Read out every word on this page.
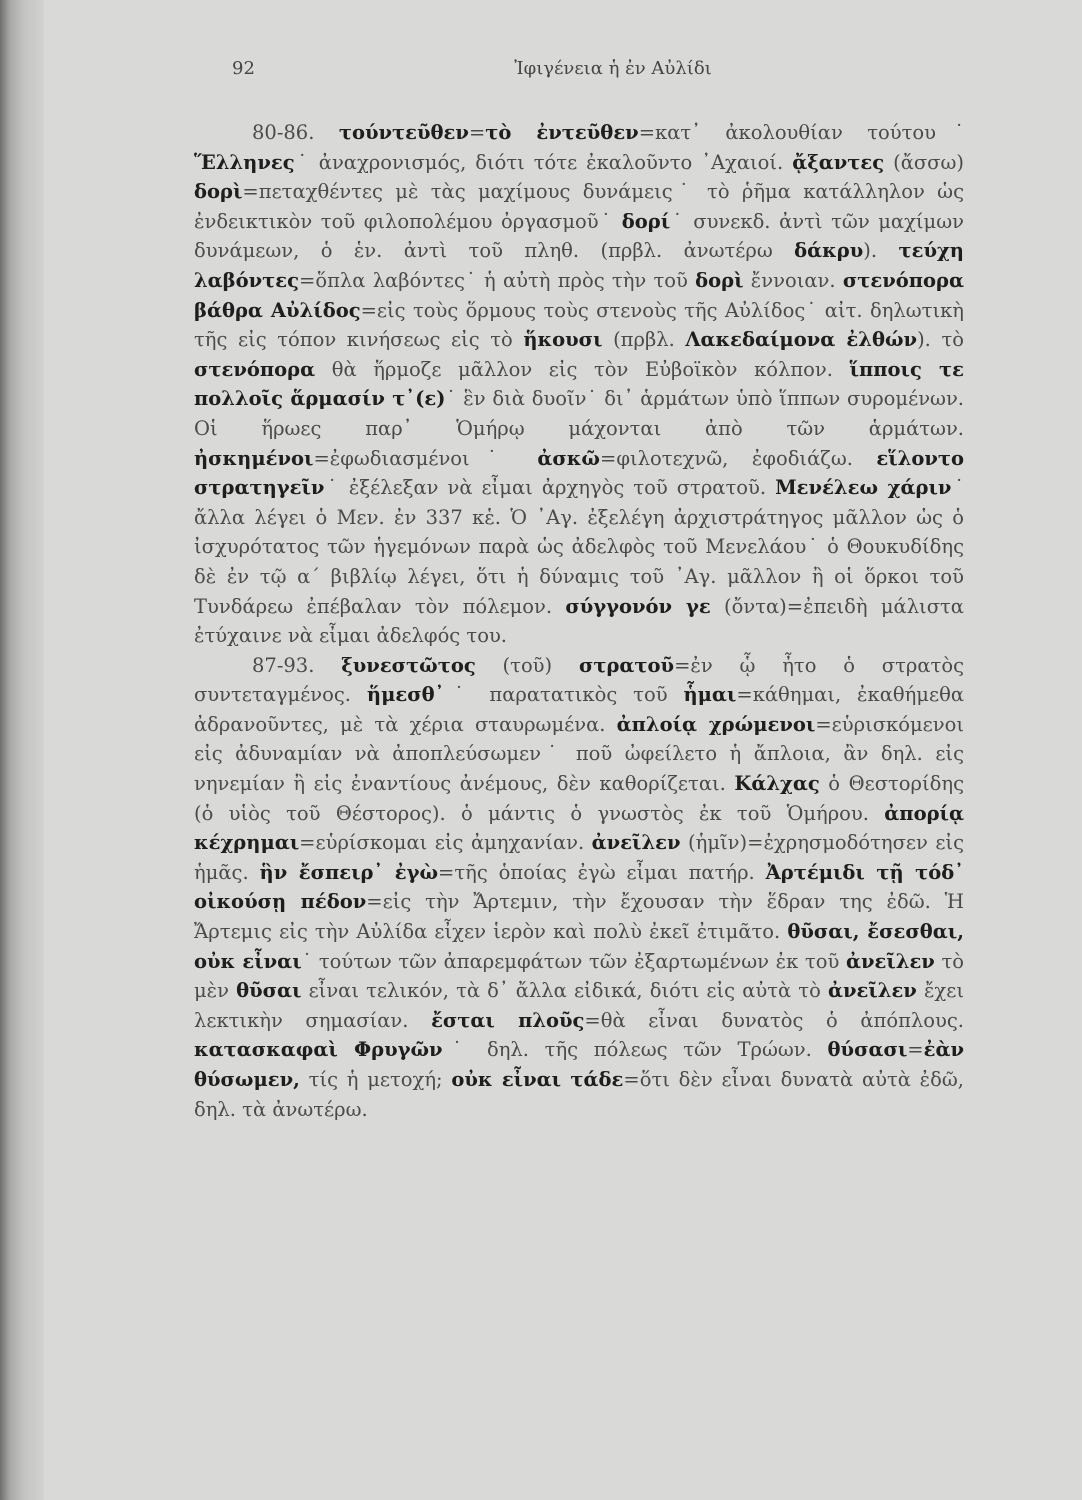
92	Ἰφιγένεια ἡ ἐν Αὐλίδι

80-86. τούντεῦθεν=τὸ ἐντεῦθεν=κατ᾽ ἀκολουθίαν τούτου˙ Ἕλληνες˙ ἀναχρονισμός, διότι τότε ἐκαλοῦντο ᾽Αχαιοί. ᾄξαντες (ἄσσω) δορὶ=πεταχθέντες μὲ τὰς μαχίμους δυνάμεις˙ τὸ ῥῆμα κατάλληλον ὡς ἐνδεικτικὸν τοῦ φιλοπολέμου ὀργασμοῦ˙ δορί˙ συνεκδ. ἀντὶ τῶν μαχίμων δυνάμεων, ὁ ἑν. ἀντὶ τοῦ πληθ. (πρβλ. ἀνωτέρω δάκρυ). τεύχη λαβόντες=ὅπλα λαβόντες˙ ἡ αὐτὴ πρὸς τὴν τοῦ δορὶ ἔννοιαν. στενόπορα βάθρα Αὐλίδος=εἰς τοὺς ὅρμους τοὺς στενοὺς τῆς Αὐλίδος˙ αἰτ. δηλωτικὴ τῆς εἰς τόπον κινήσεως εἰς τὸ ἥκουσι (πρβλ. Λακεδαίμονα ἐλθών). τὸ στενόπορα θὰ ἥρμοζε μᾶλλον εἰς τὸν Εὐβοϊκὸν κόλπον. ἵπποις τε πολλοῖς ἅρμασίν τ᾽(ε)˙ ἓν διὰ δυοῖν˙ δι᾽ ἁρμάτων ὑπὸ ἵππων συρομένων. Οἱ ἥρωες παρ᾽ Ὁμήρῳ μάχονται ἀπὸ τῶν ἁρμάτων. ἠσκημένοι=ἐφωδιασμένοι˙ ἀσκῶ=φιλοτεχνῶ, ἐφοδιάζω. εἵλοντο στρατηγεῖν˙ ἐξέλεξαν νὰ εἶμαι ἀρχηγὸς τοῦ στρατοῦ. Μενέλεω χάριν˙ ἄλλα λέγει ὁ Μεν. ἐν 337 κἑ. Ὁ ᾽Αγ. ἐξελέγη ἀρχιστράτηγος μᾶλλον ὡς ὁ ἰσχυρότατος τῶν ἡγεμόνων παρὰ ὡς ἀδελφὸς τοῦ Μενελάου˙ ὁ Θουκυδίδης δὲ ἐν τῷ α΄ βιβλίῳ λέγει, ὅτι ἡ δύναμις τοῦ ᾽Αγ. μᾶλλον ἢ οἱ ὅρκοι τοῦ Τυνδάρεω ἐπέβαλαν τὸν πόλεμον. σύγγονόν γε (ὄντα)=ἐπειδὴ μάλιστα ἐτύχαινε νὰ εἶμαι ἀδελφός του.

87-93. ξυνεστῶτος (τοῦ) στρατοῦ=ἐν ᾧ ἦτο ὁ στρατὸς συντεταγμένος. ἥμεσθ᾽˙ παρατατικὸς τοῦ ἧμαι=κάθημαι, ἐκαθήμεθα ἀδρανοῦντες, μὲ τὰ χέρια σταυρωμένα. ἀπλοίᾳ χρώμενοι=εὑρισκόμενοι εἰς ἀδυναμίαν νὰ ἀποπλεύσωμεν˙ ποῦ ὠφείλετο ἡ ἄπλοια, ἂν δηλ. εἰς νηνεμίαν ἢ εἰς ἐναντίους ἀνέμους, δὲν καθορίζεται. Κάλχας ὁ Θεστορίδης (ὁ υἱὸς τοῦ Θέστορος). ὁ μάντις ὁ γνωστὸς ἐκ τοῦ Ὁμήρου. ἀπορίᾳ κέχρημαι=εὑρίσκομαι εἰς ἀμηχανίαν. ἀνεῖλεν (ἡμῖν)=ἐχρησμοδότησεν εἰς ἡμᾶς. ἣν ἔσπειρ᾽ ἐγὼ=τῆς ὁποίας ἐγὼ εἶμαι πατήρ. Ἀρτέμιδι τῇ τόδ᾽ οἰκούσῃ πέδον=εἰς τὴν Ἄρτεμιν, τὴν ἔχουσαν τὴν ἕδραν της ἐδῶ. Ἡ Ἄρτεμις εἰς τὴν Αὐλίδα εἶχεν ἱερὸν καὶ πολὺ ἐκεῖ ἐτιμᾶτο. θῦσαι, ἔσεσθαι, οὐκ εἶναι˙ τούτων τῶν ἀπαρεμφάτων τῶν ἐξαρτωμένων ἐκ τοῦ ἀνεῖλεν τὸ μὲν θῦσαι εἶναι τελικόν, τὰ δ᾽ ἄλλα εἰδικά, διότι εἰς αὐτὰ τὸ ἀνεῖλεν ἔχει λεκτικὴν σημασίαν. ἔσται πλοῦς=θὰ εἶναι δυνατὸς ὁ ἀπόπλους. κατασκαφαὶ Φρυγῶν˙ δηλ. τῆς πόλεως τῶν Τρώων. θύσασι=ἐὰν θύσωμεν, τίς ἡ μετοχή; οὐκ εἶναι τάδε=ὅτι δὲν εἶναι δυνατὰ αὐτὰ ἐδῶ, δηλ. τὰ ἀνωτέρω.
